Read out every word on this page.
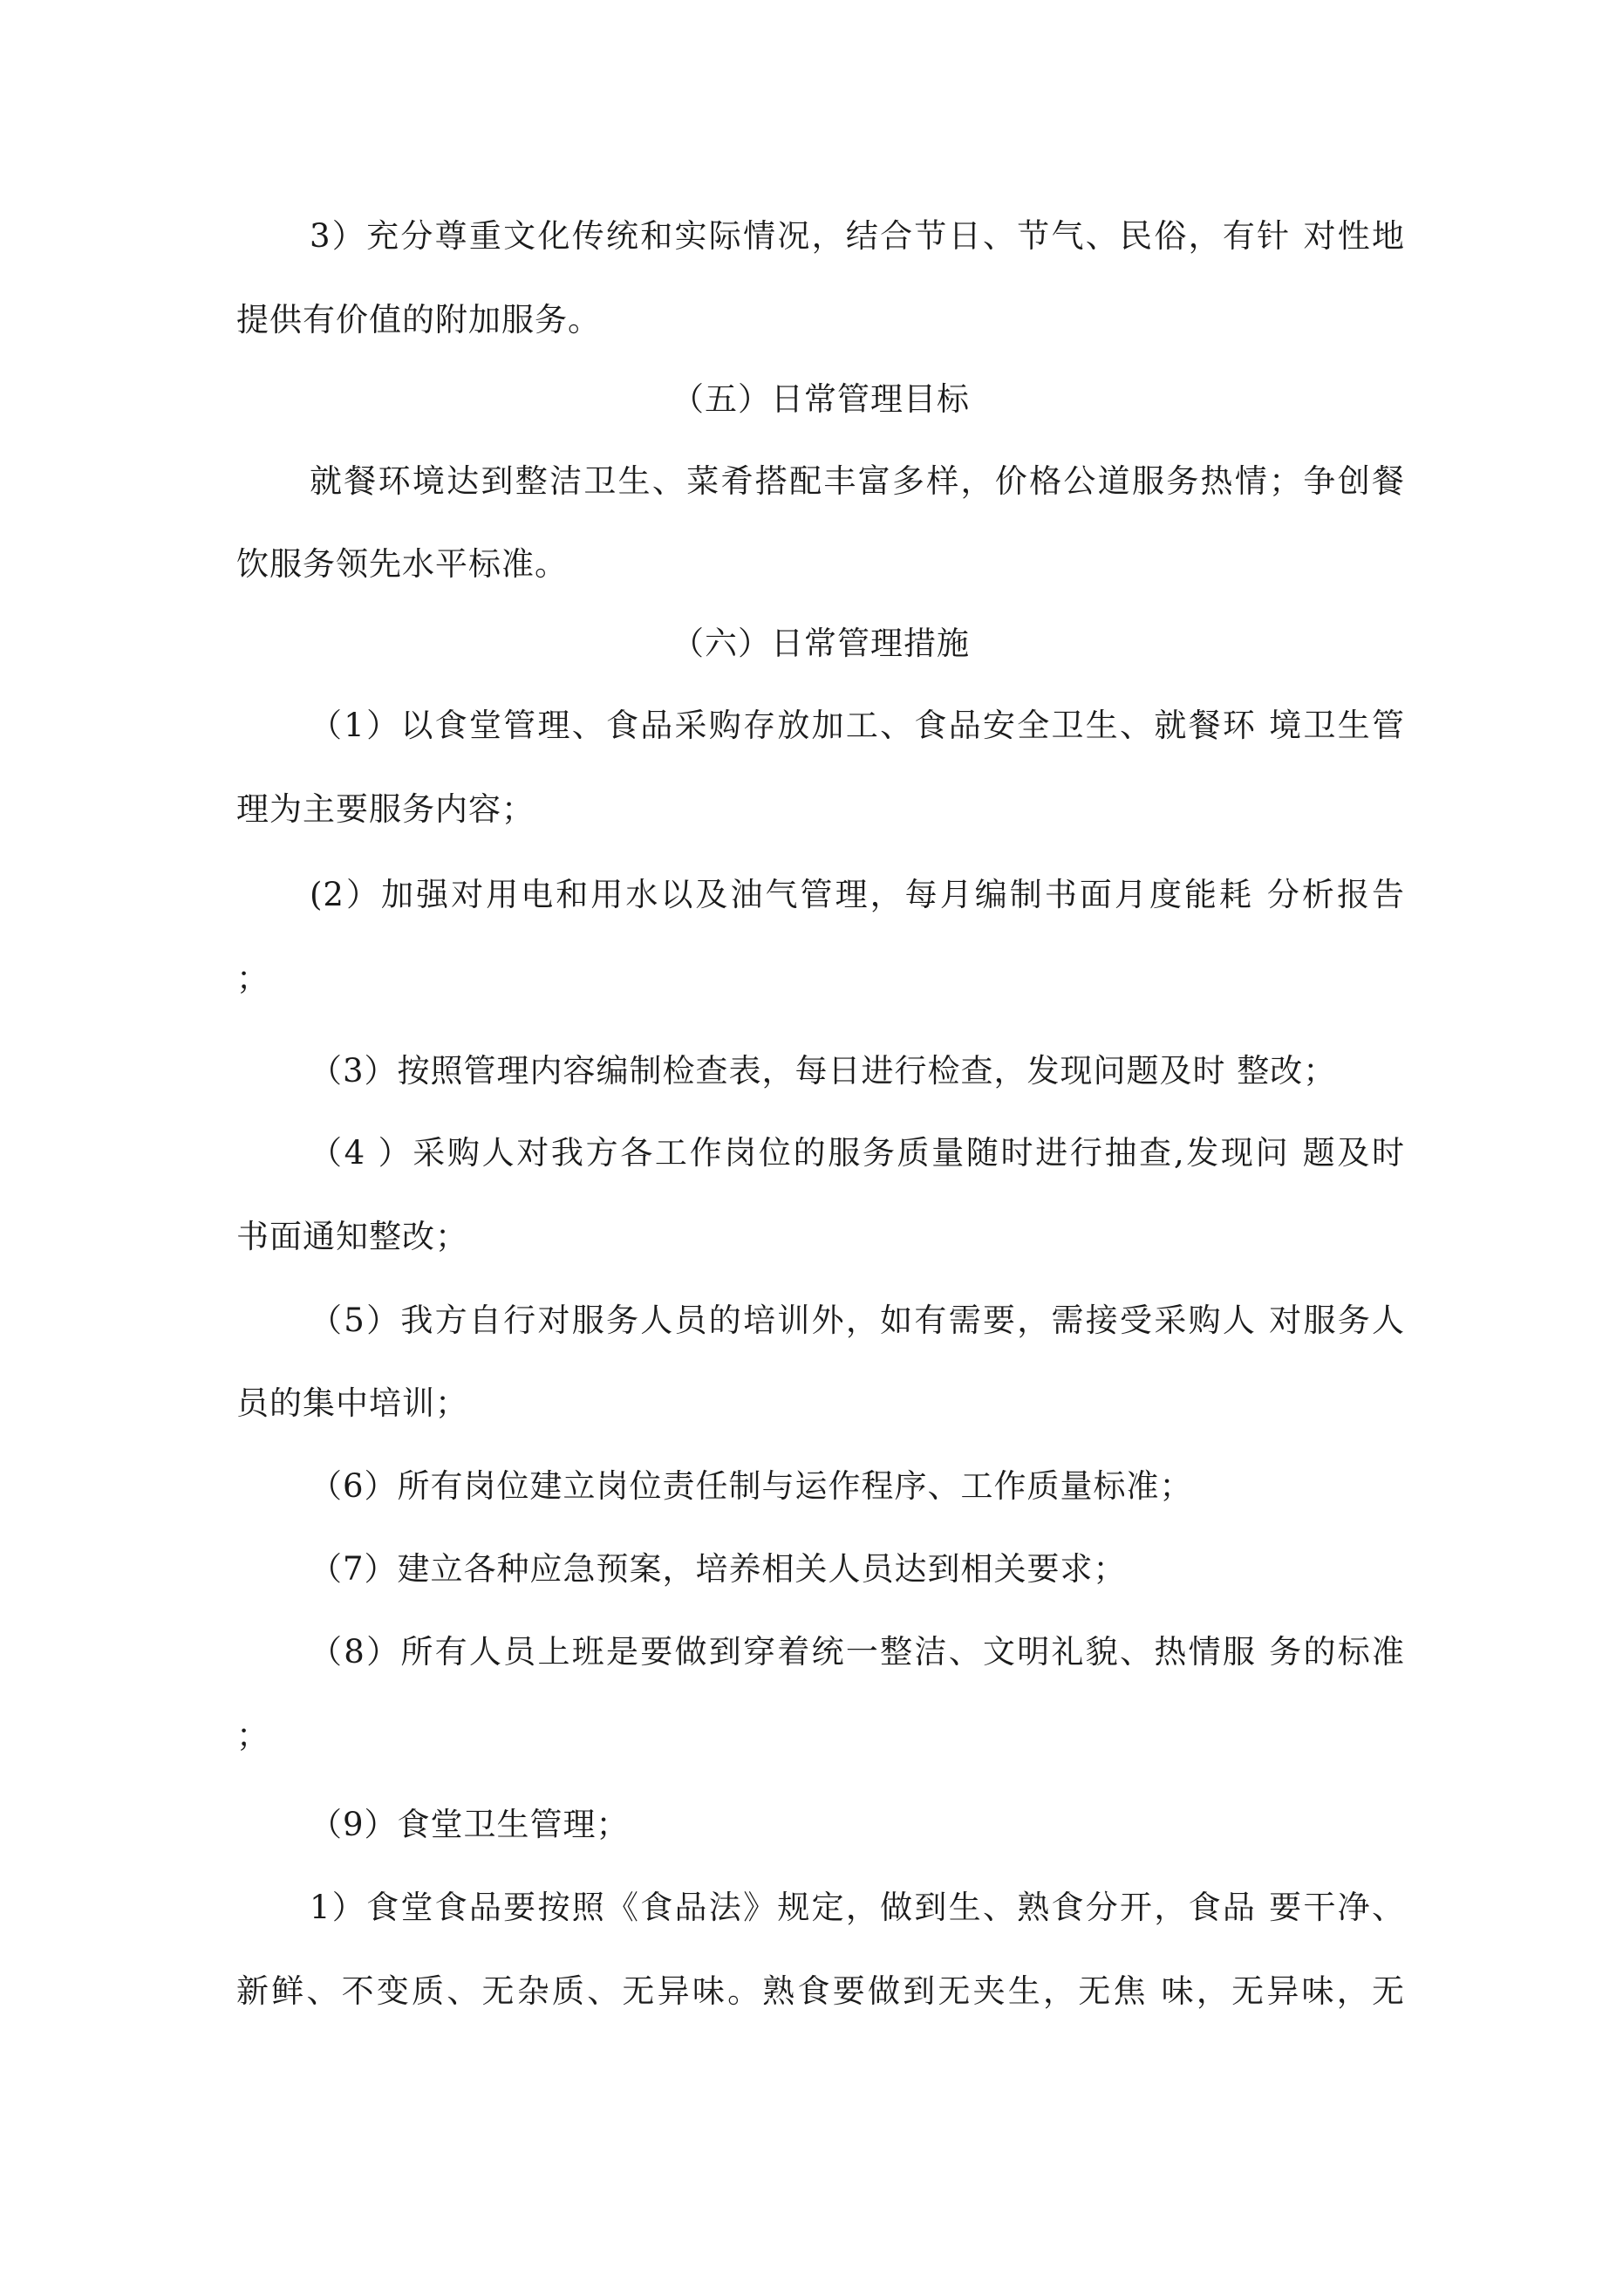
3）充分尊重文化传统和实际情况，结合节日、节气、民俗，有针 对性地
提供有价值的附加服务。
（五）日常管理目标
就餐环境达到整洁卫生、菜肴搭配丰富多样，价格公道服务热情；争创餐
饮服务领先水平标准。
（六）日常管理措施
（1）以食堂管理、食品采购存放加工、食品安全卫生、就餐环 境卫生管
理为主要服务内容；
(2）加强对用电和用水以及油气管理，每月编制书面月度能耗 分析报告
；
（3）按照管理内容编制检查表，每日进行检查，发现问题及时 整改；
（4 ）采购人对我方各工作岗位的服务质量随时进行抽查,发现问 题及时
书面通知整改；
（5）我方自行对服务人员的培训外，如有需要，需接受采购人 对服务人
员的集中培训；
（6）所有岗位建立岗位责任制与运作程序、工作质量标准；
（7）建立各种应急预案，培养相关人员达到相关要求；
（8）所有人员上班是要做到穿着统一整洁、文明礼貌、热情服 务的标准
；
（9）食堂卫生管理；
1）食堂食品要按照《食品法》规定，做到生、熟食分开，食品 要干净、
新鲜、不变质、无杂质、无异味。熟食要做到无夹生，无焦 味，无异味，无
